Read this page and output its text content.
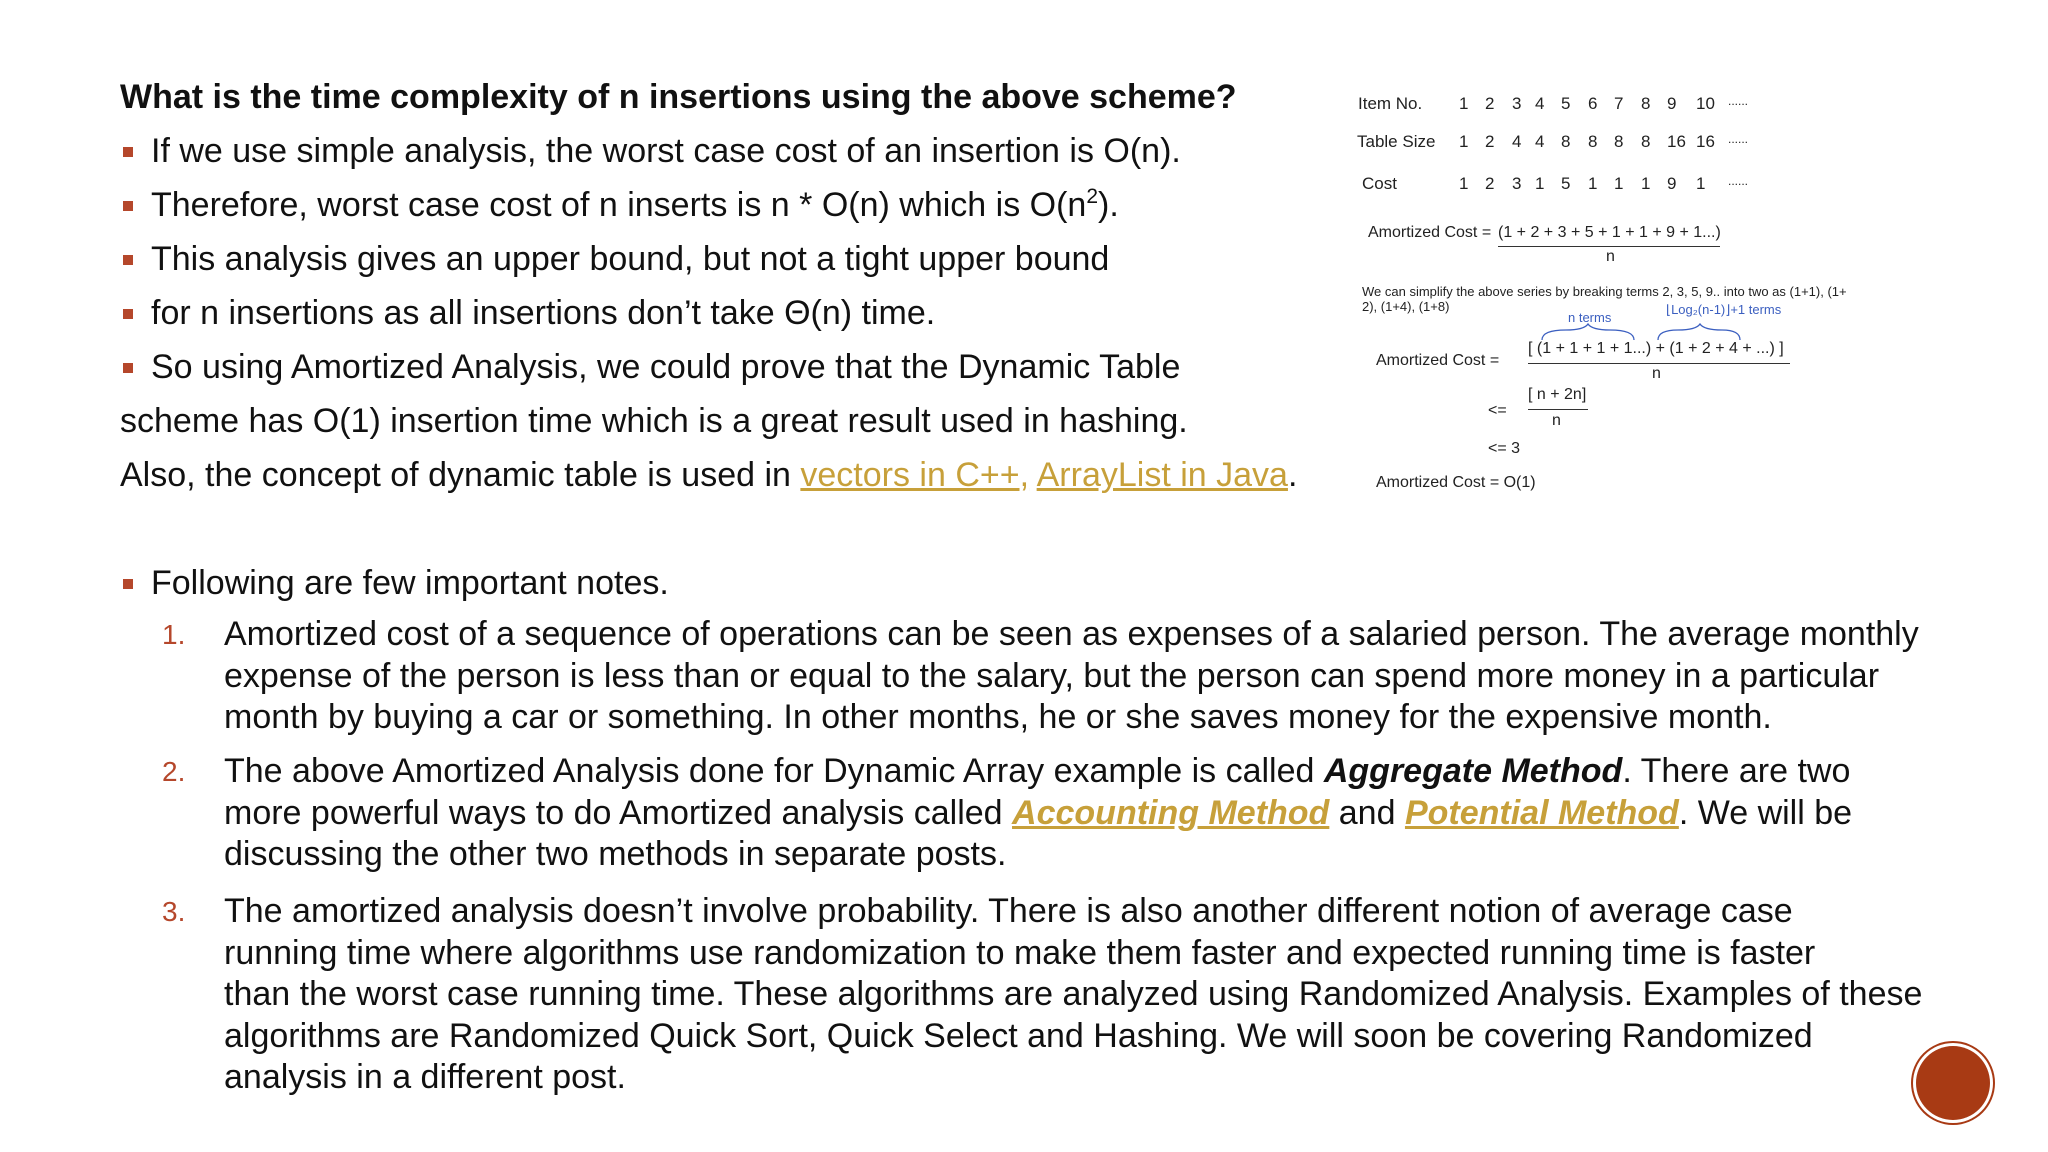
What is the time complexity of n insertions using the above scheme?

If we use simple analysis, the worst case cost of an insertion is O(n).

Therefore, worst case cost of n inserts is n * O(n) which is $O(n^2)$.

This analysis gives an upper bound, but not a tight upper bound

for n insertions as all insertions don’t take Θ(n) time.

So using Amortized Analysis, we could prove that the Dynamic Table

scheme has O(1) insertion time which is a great result used in hashing.

Also, the concept of dynamic table is used in vectors in C++, ArrayList in Java.

Item No.
Table Size
Cost
1 2 3 4 5 6 7 8 9 10 ......
1 2 4 4 8 8 8 8 16 16 ......
1 2 3 1 5 1 1 1 9 1 ......
Amortized Cost = (1 + 2 + 3 + 5 + 1 + 1 + 9 + 1...)
n
We can simplify the above series by breaking terms 2, 3, 5, 9.. into two as (1+1), (1+
2), (1+4), (1+8)
n terms
⌊Log₂(n-1)⌋+1 terms
Amortized Cost =
[ (1 + 1 + 1 + 1...) + (1 + 2 + 4 + ...) ]
n
<=
[ n + 2n]
n
<= 3
Amortized Cost = O(1)

Following are few important notes.

1. Amortized cost of a sequence of operations can be seen as expenses of a salaried person. The average monthly

expense of the person is less than or equal to the salary, but the person can spend more money in a particular

month by buying a car or something. In other months, he or she saves money for the expensive month.

2. The above Amortized Analysis done for Dynamic Array example is called Aggregate Method. There are two

more powerful ways to do Amortized analysis called Accounting Method and Potential Method. We will be

discussing the other two methods in separate posts.

3. The amortized analysis doesn’t involve probability. There is also another different notion of average case

running time where algorithms use randomization to make them faster and expected running time is faster

than the worst case running time. These algorithms are analyzed using Randomized Analysis. Examples of these

algorithms are Randomized Quick Sort, Quick Select and Hashing. We will soon be covering Randomized

analysis in a different post.
